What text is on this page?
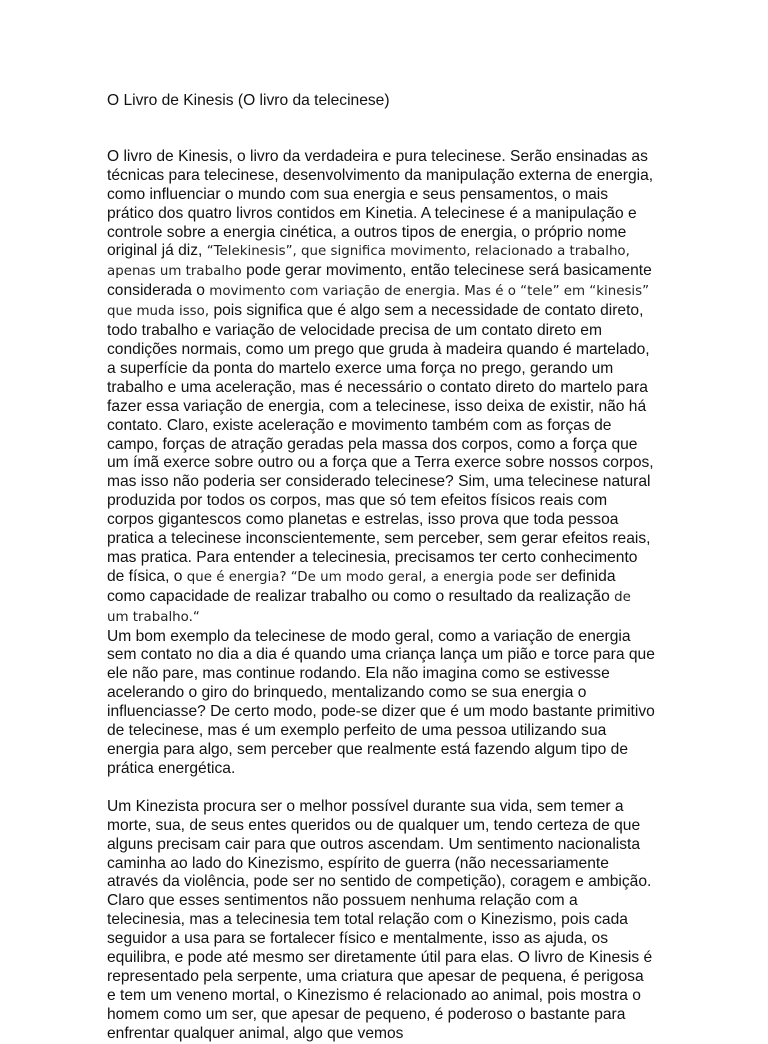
O Livro de Kinesis (O livro da telecinese)

O livro de Kinesis, o livro da verdadeira e pura telecinese. Serão ensinadas as técnicas para telecinese, desenvolvimento da manipulação externa de energia, como influenciar o mundo com sua energia e seus pensamentos, o mais prático dos quatro livros contidos em Kinetia. A telecinese é a manipulação e controle sobre a energia cinética, a outros tipos de energia, o próprio nome original já diz, “Telekinesis”, que significa movimento, relacionado a trabalho, apenas um trabalho pode gerar movimento, então telecinese será basicamente considerada o movimento com variação de energia. Mas é o “tele” em “kinesis” que muda isso, pois significa que é algo sem a necessidade de contato direto, todo trabalho e variação de velocidade precisa de um contato direto em condições normais, como um prego que gruda à madeira quando é martelado, a superfície da ponta do martelo exerce uma força no prego, gerando um trabalho e uma aceleração, mas é necessário o contato direto do martelo para fazer essa variação de energia, com a telecinese, isso deixa de existir, não há contato. Claro, existe aceleração e movimento também com as forças de campo, forças de atração geradas pela massa dos corpos, como a força que um ímã exerce sobre outro ou a força que a Terra exerce sobre nossos corpos, mas isso não poderia ser considerado telecinese? Sim, uma telecinese natural produzida por todos os corpos, mas que só tem efeitos físicos reais com corpos gigantescos como planetas e estrelas, isso prova que toda pessoa pratica a telecinese inconscientemente, sem perceber, sem gerar efeitos reais, mas pratica. Para entender a telecinesia, precisamos ter certo conhecimento de física, o que é energia? “De um modo geral, a energia pode ser definida como capacidade de realizar trabalho ou como o resultado da realização de um trabalho.“

Um bom exemplo da telecinese de modo geral, como a variação de energia sem contato no dia a dia é quando uma criança lança um pião e torce para que ele não pare, mas continue rodando. Ela não imagina como se estivesse acelerando o giro do brinquedo, mentalizando como se sua energia o influenciasse? De certo modo, pode-se dizer que é um modo bastante primitivo de telecinese, mas é um exemplo perfeito de uma pessoa utilizando sua energia para algo, sem perceber que realmente está fazendo algum tipo de prática energética.

Um Kinezista procura ser o melhor possível durante sua vida, sem temer a morte, sua, de seus entes queridos ou de qualquer um, tendo certeza de que alguns precisam cair para que outros ascendam. Um sentimento nacionalista caminha ao lado do Kinezismo, espírito de guerra (não necessariamente através da violência, pode ser no sentido de competição), coragem e ambição. Claro que esses sentimentos não possuem nenhuma relação com a telecinesia, mas a telecinesia tem total relação com o Kinezismo, pois cada seguidor a usa para se fortalecer físico e mentalmente, isso as ajuda, os equilibra, e pode até mesmo ser diretamente útil para elas. O livro de Kinesis é representado pela serpente, uma criatura que apesar de pequena, é perigosa e tem um veneno mortal, o Kinezismo é relacionado ao animal, pois mostra o homem como um ser, que apesar de pequeno, é poderoso o bastante para enfrentar qualquer animal, algo que vemos
